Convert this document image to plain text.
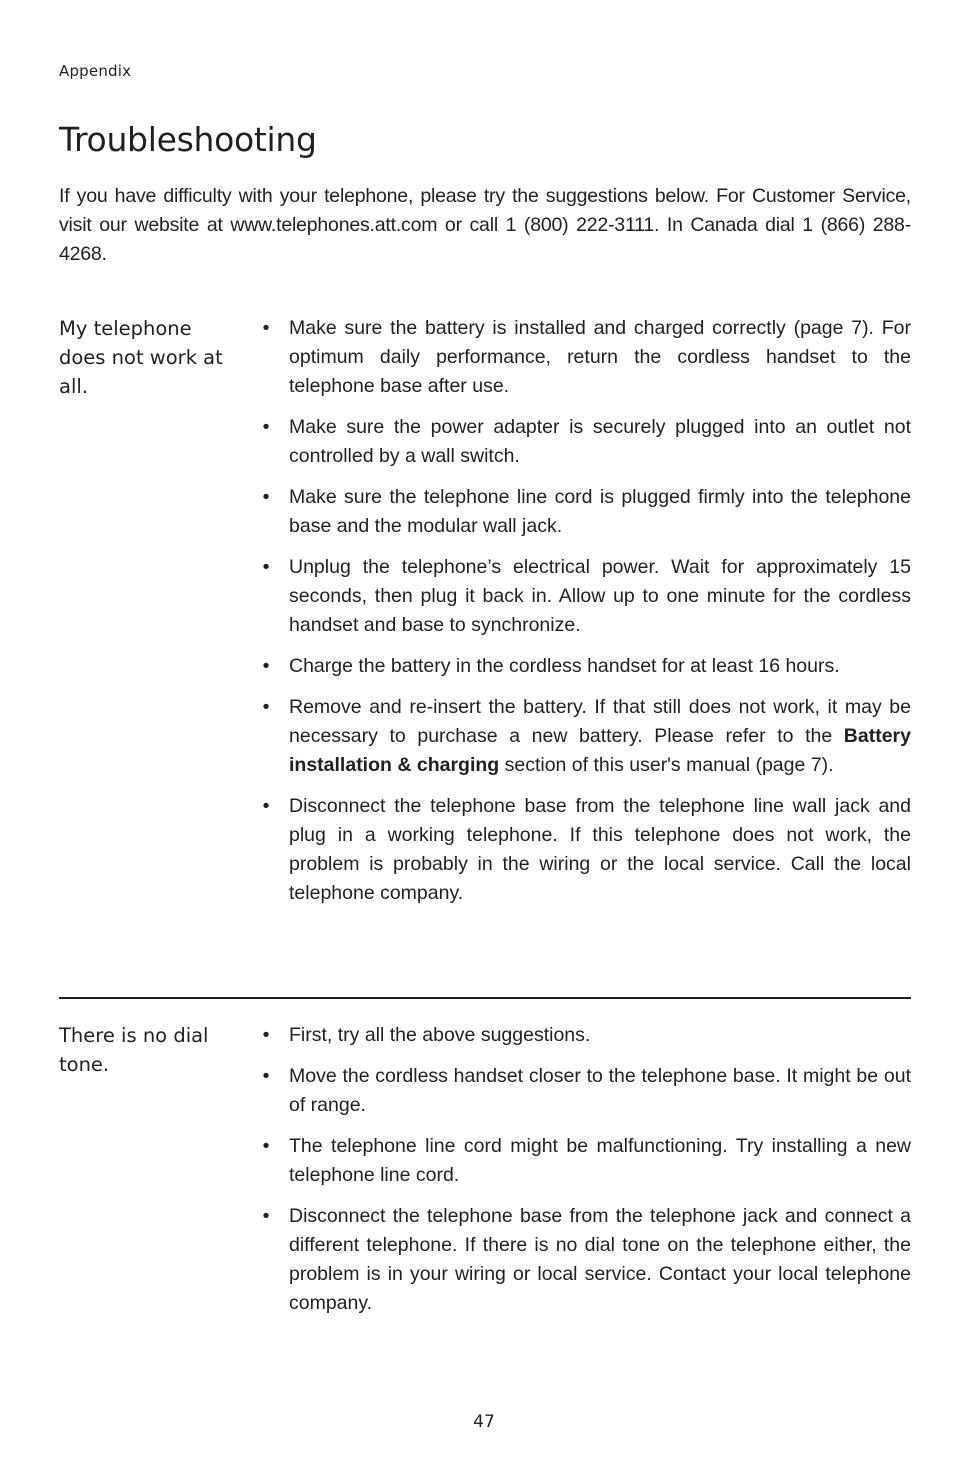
Appendix
Troubleshooting

If you have difficulty with your telephone, please try the suggestions below. For Customer Service, visit our website at www.telephones.att.com or call 1 (800) 222-3111. In Canada dial 1 (866) 288-4268.

My telephone does not work at all.

• Make sure the battery is installed and charged correctly (page 7). For optimum daily performance, return the cordless handset to the telephone base after use.
• Make sure the power adapter is securely plugged into an outlet not controlled by a wall switch.
• Make sure the telephone line cord is plugged firmly into the telephone base and the modular wall jack.
• Unplug the telephone’s electrical power. Wait for approximately 15 seconds, then plug it back in. Allow up to one minute for the cordless handset and base to synchronize.
• Charge the battery in the cordless handset for at least 16 hours.
• Remove and re-insert the battery. If that still does not work, it may be necessary to purchase a new battery. Please refer to the Battery installation & charging section of this user's manual (page 7).
• Disconnect the telephone base from the telephone line wall jack and plug in a working telephone. If this telephone does not work, the problem is probably in the wiring or the local service. Call the local telephone company.

There is no dial tone.

• First, try all the above suggestions.
• Move the cordless handset closer to the telephone base. It might be out of range.
• The telephone line cord might be malfunctioning. Try installing a new telephone line cord.
• Disconnect the telephone base from the telephone jack and connect a different telephone. If there is no dial tone on the telephone either, the problem is in your wiring or local service. Contact your local telephone company.
47
